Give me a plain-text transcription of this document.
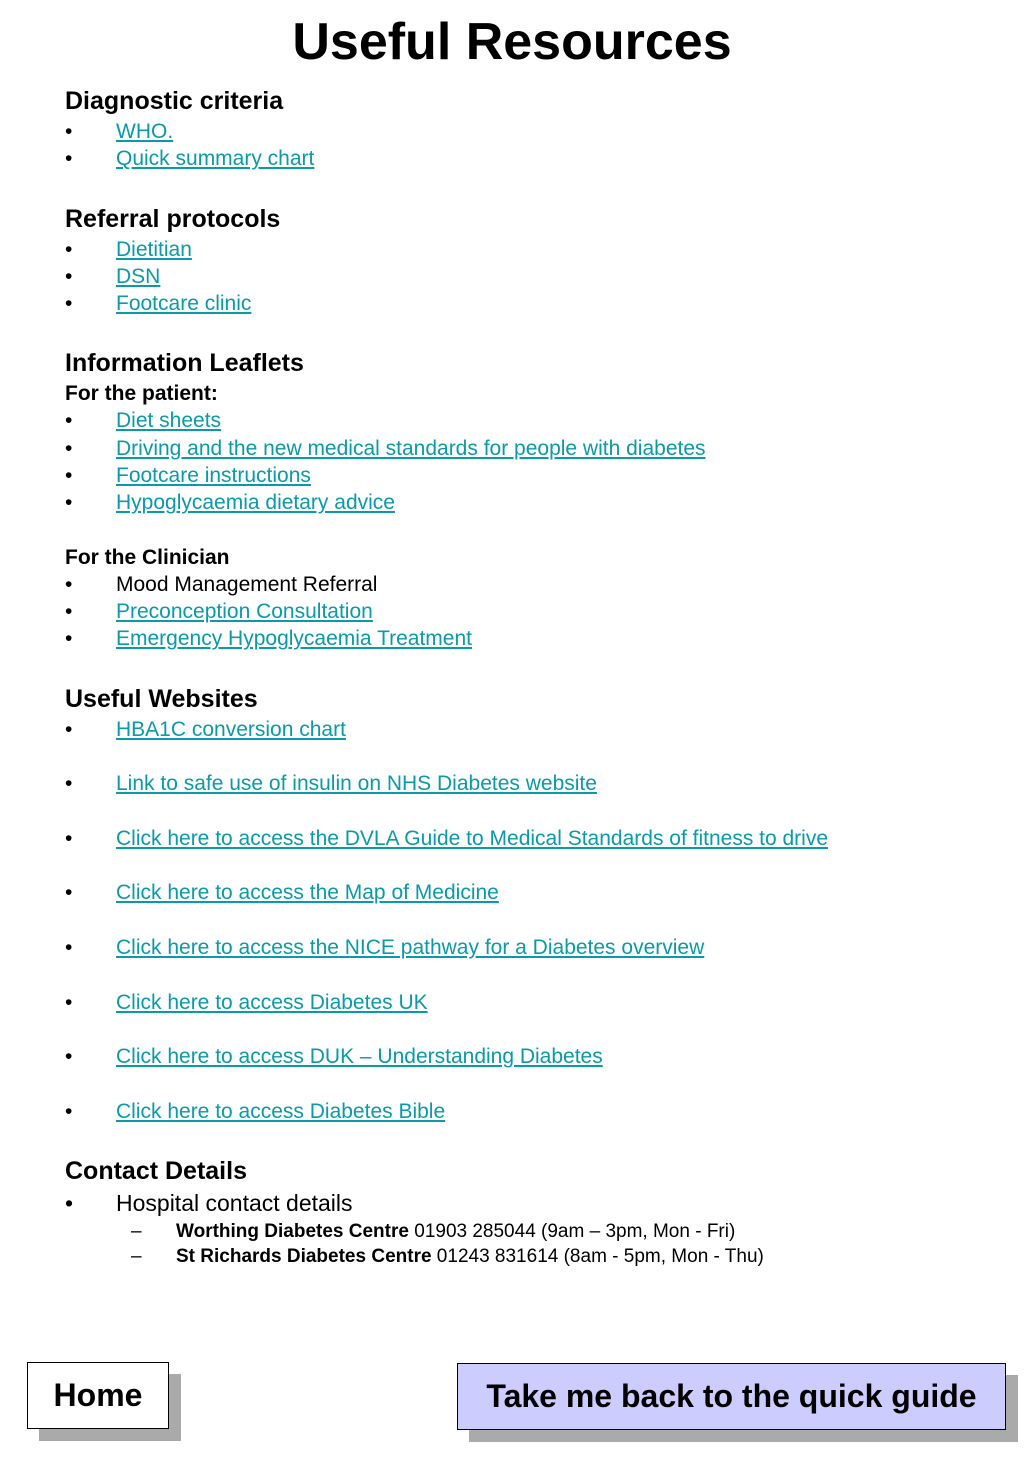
Useful Resources
Diagnostic criteria
• WHO.
• Quick summary chart
Referral protocols
• Dietitian
• DSN
• Footcare clinic
Information Leaflets
For the patient:
• Diet sheets
• Driving and the new medical standards for people with diabetes
• Footcare instructions
• Hypoglycaemia dietary advice
For the Clinician
• Mood Management Referral
• Preconception Consultation
• Emergency Hypoglycaemia Treatment
Useful Websites
• HBA1C conversion chart
• Link to safe use of insulin on NHS Diabetes website
• Click here to access the DVLA Guide to Medical Standards of fitness to drive
• Click here to access the Map of Medicine
• Click here to access the NICE pathway for a Diabetes overview
• Click here to access Diabetes UK
• Click here to access DUK – Understanding Diabetes
• Click here to access Diabetes Bible
Contact Details
• Hospital contact details
– Worthing Diabetes Centre 01903 285044 (9am – 3pm, Mon - Fri)
– St Richards Diabetes Centre 01243 831614 (8am - 5pm, Mon - Thu)
Home	Take me back to the quick guide
